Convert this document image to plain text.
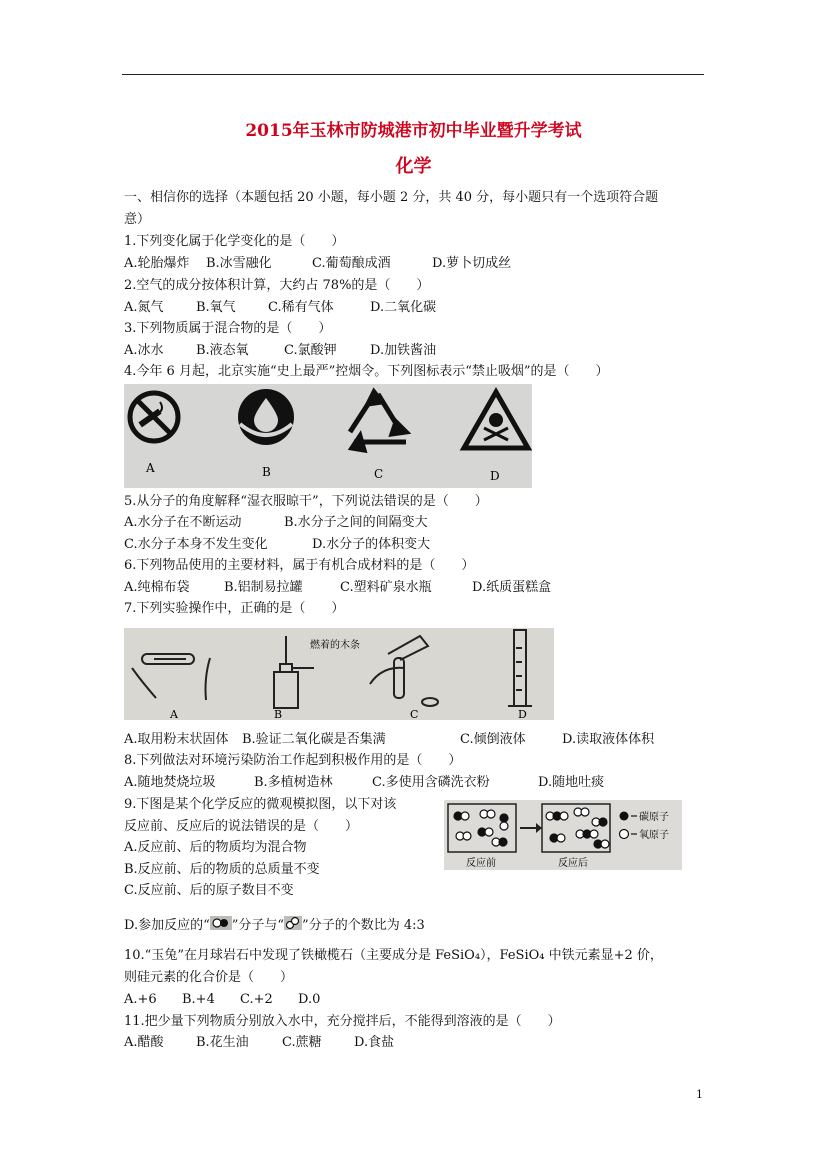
2015年玉林市防城港市初中毕业暨升学考试
化学
一、相信你的选择（本题包括 20 小题，每小题 2 分，共 40 分，每小题只有一个选项符合题
意）
1.下列变化属于化学变化的是（　　）
A.轮胎爆炸 B.冰雪融化	C.葡萄酿成酒	D.萝卜切成丝
2.空气的成分按体积计算，大约占 78%的是（　　）
A.氮气 B.氧气 C.稀有气体	D.二氧化碳
3.下列物质属于混合物的是（　　）
A.冰水 B.液态氧	C.氯酸钾	D.加铁酱油
4.今年 6 月起，北京实施“史上最严”控烟令。下列图标表示“禁止吸烟”的是（　　）
A	B	C	D
5.从分子的角度解释“湿衣服晾干”，下列说法错误的是（　　）
A.水分子在不断运动	B.水分子之间的间隔变大
C.水分子本身不发生变化	D.水分子的体积变大
6.下列物品使用的主要材料，属于有机合成材料的是（　　）
A.纯棉布袋	B.铝制易拉罐	C.塑料矿泉水瓶	D.纸质蛋糕盒
7.下列实验操作中，正确的是（　　）
燃着的木条
A	B	C	D
A.取用粉末状固体 B.验证二氧化碳是否集满	C.倾倒液体	D.读取液体体积
8.下列做法对环境污染防治工作起到积极作用的是（　　）
A.随地焚烧垃圾	B.多植树造林	C.多使用含磷洗衣粉	D.随地吐痰
9.下图是某个化学反应的微观模拟图，以下对该
反应前、反应后的说法错误的是（　　）
A.反应前、后的物质均为混合物
B.反应前、后的物质的总质量不变
C.反应前、后的原子数目不变
碳原子
氧原子
反应前	反应后
D.参加反应的“ ”分子与“ ”分子的个数比为 4:3
10.“玉兔”在月球岩石中发现了铁橄榄石（主要成分是 FeSiO₄），FeSiO₄ 中铁元素显+2 价，
则硅元素的化合价是（　　）
A.+6 B.+4 C.+2 D.0
11.把少量下列物质分别放入水中，充分搅拌后，不能得到溶液的是（　　）
A.醋酸 B.花生油	C.蔗糖 D.食盐
1
